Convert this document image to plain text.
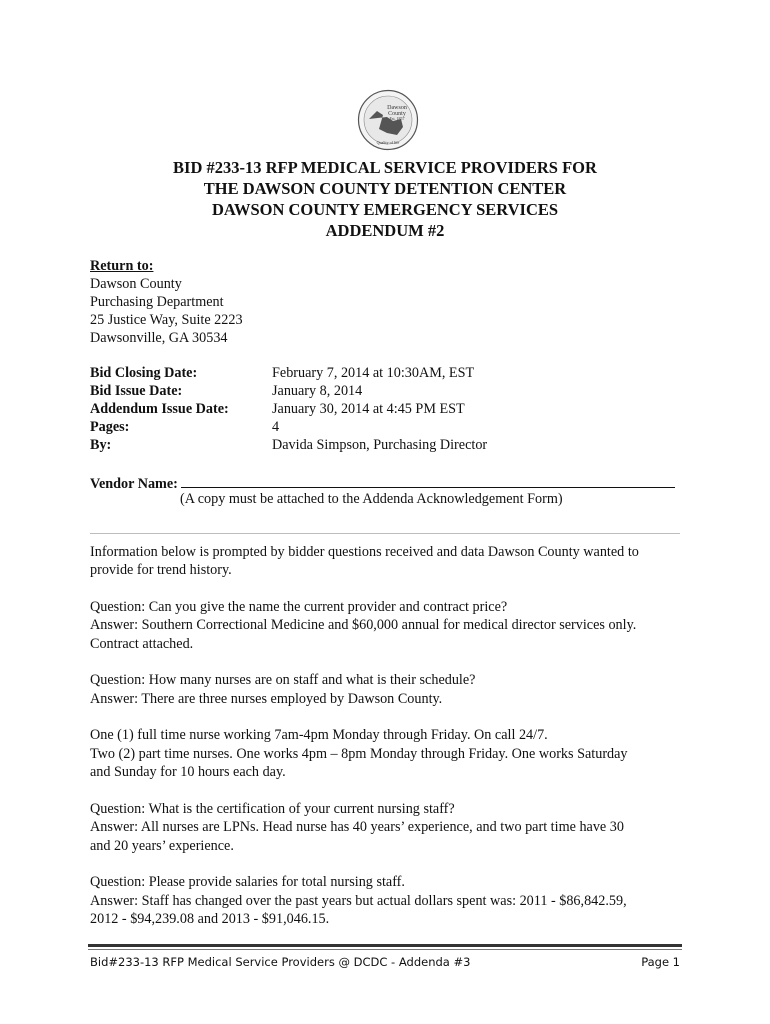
Dawson
County
Est. 1857
Quality of life
BID #233-13 RFP MEDICAL SERVICE PROVIDERS FOR
THE DAWSON COUNTY DETENTION CENTER
DAWSON COUNTY EMERGENCY SERVICES
ADDENDUM #2
Return to:
Dawson County
Purchasing Department
25 Justice Way, Suite 2223
Dawsonville, GA 30534
Bid Closing Date:	February 7, 2014 at 10:30AM, EST
Bid Issue Date:	January 8, 2014
Addendum Issue Date:	January 30, 2014 at 4:45 PM EST
Pages:	4
By:	Davida Simpson, Purchasing Director
Vendor Name:
(A copy must be attached to the Addenda Acknowledgement Form)
Information below is prompted by bidder questions received and data Dawson County wanted to
provide for trend history.
Question: Can you give the name the current provider and contract price?
Answer: Southern Correctional Medicine and $60,000 annual for medical director services only.
Contract attached.
Question: How many nurses are on staff and what is their schedule?
Answer: There are three nurses employed by Dawson County.
One (1) full time nurse working 7am-4pm Monday through Friday. On call 24/7.
Two (2) part time nurses. One works 4pm – 8pm Monday through Friday. One works Saturday
and Sunday for 10 hours each day.
Question: What is the certification of your current nursing staff?
Answer: All nurses are LPNs. Head nurse has 40 years’ experience, and two part time have 30
and 20 years’ experience.
Question: Please provide salaries for total nursing staff.
Answer: Staff has changed over the past years but actual dollars spent was: 2011 - $86,842.59,
2012 - $94,239.08 and 2013 - $91,046.15.
Bid#233-13 RFP Medical Service Providers @ DCDC - Addenda #3	Page 1
